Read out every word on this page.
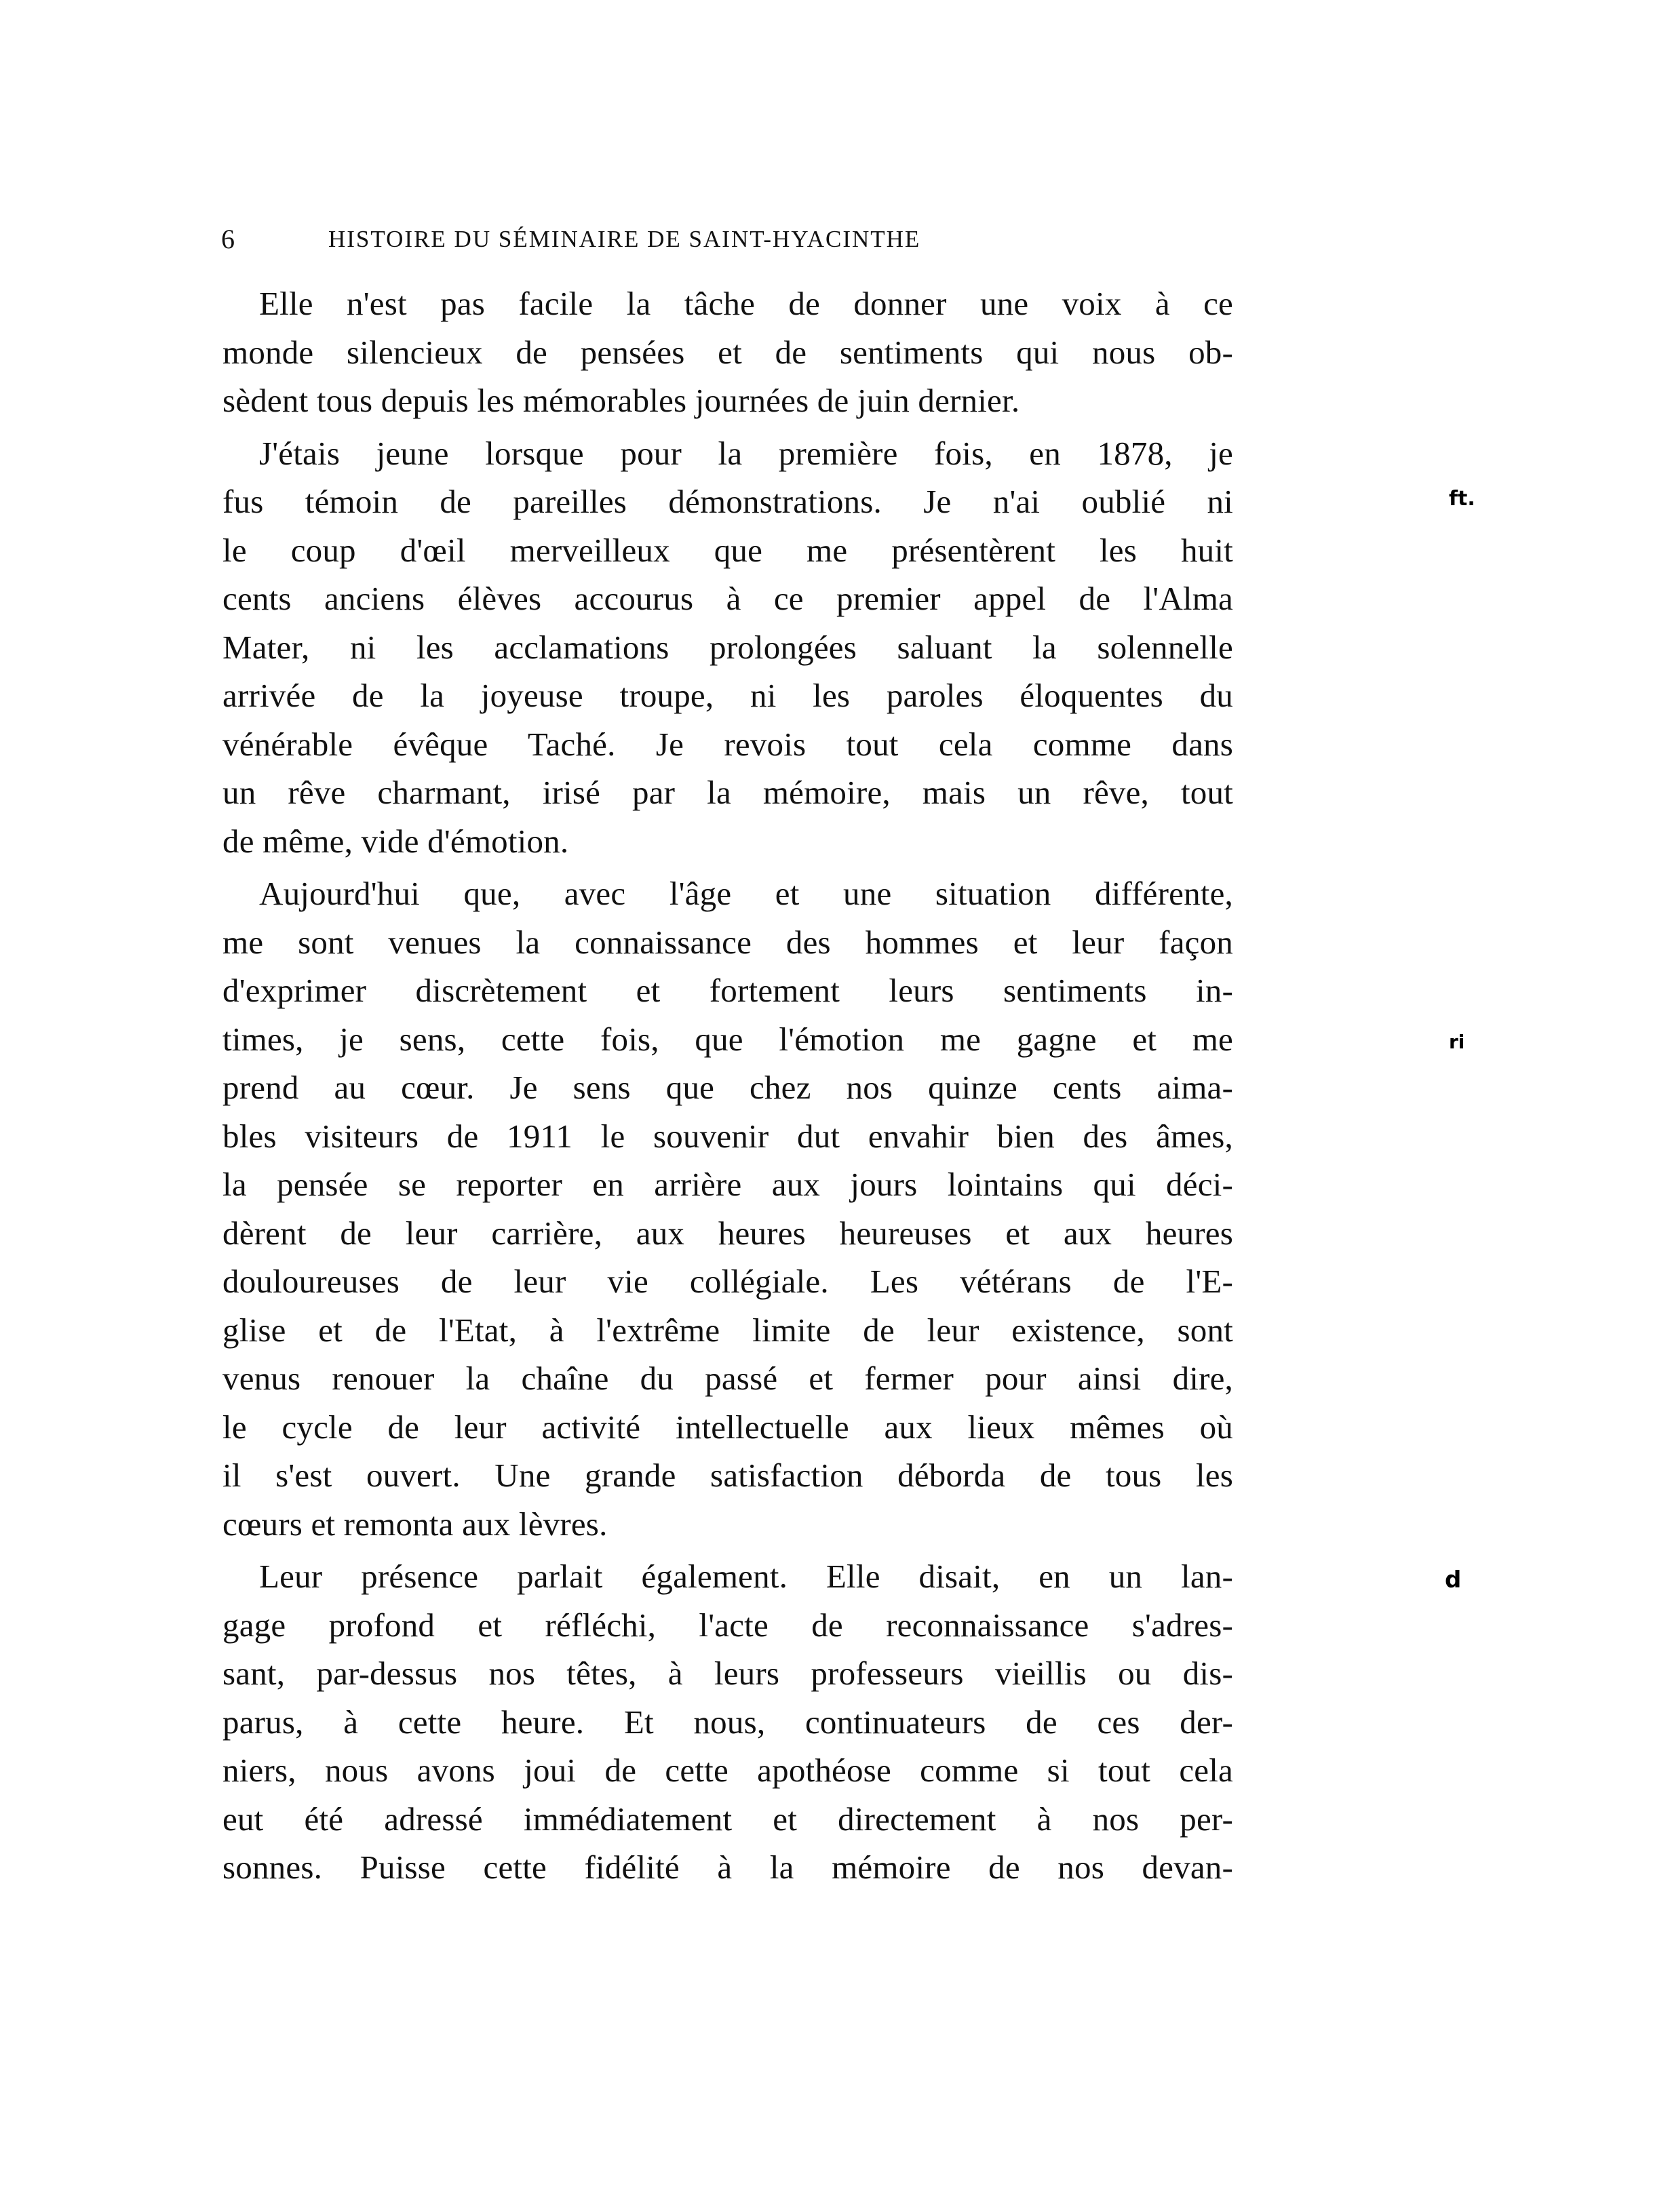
6	HISTOIRE DU SÉMINAIRE DE SAINT-HYACINTHE
Elle n'est pas facile la tâche de donner une voix à ce
monde silencieux de pensées et de sentiments qui nous ob-
sèdent tous depuis les mémorables journées de juin dernier.
J'étais jeune lorsque pour la première fois, en 1878, je
fus témoin de pareilles démonstrations. Je n'ai oublié ni
le coup d'œil merveilleux que me présentèrent les huit
cents anciens élèves accourus à ce premier appel de l'Alma
Mater, ni les acclamations prolongées saluant la solennelle
arrivée de la joyeuse troupe, ni les paroles éloquentes du
vénérable évêque Taché. Je revois tout cela comme dans
un rêve charmant, irisé par la mémoire, mais un rêve, tout
de même, vide d'émotion.
Aujourd'hui que, avec l'âge et une situation différente,
me sont venues la connaissance des hommes et leur façon
d'exprimer discrètement et fortement leurs sentiments in-
times, je sens, cette fois, que l'émotion me gagne et me
prend au cœur. Je sens que chez nos quinze cents aima-
bles visiteurs de 1911 le souvenir dut envahir bien des âmes,
la pensée se reporter en arrière aux jours lointains qui déci-
dèrent de leur carrière, aux heures heureuses et aux heures
douloureuses de leur vie collégiale. Les vétérans de l'E-
glise et de l'Etat, à l'extrême limite de leur existence, sont
venus renouer la chaîne du passé et fermer pour ainsi dire,
le cycle de leur activité intellectuelle aux lieux mêmes où
il s'est ouvert. Une grande satisfaction déborda de tous les
cœurs et remonta aux lèvres.
Leur présence parlait également. Elle disait, en un lan-
gage profond et réfléchi, l'acte de reconnaissance s'adres-
sant, par-dessus nos têtes, à leurs professeurs vieillis ou dis-
parus, à cette heure. Et nous, continuateurs de ces der-
niers, nous avons joui de cette apothéose comme si tout cela
eut été adressé immédiatement et directement à nos per-
sonnes. Puisse cette fidélité à la mémoire de nos devan-
ft.
ri
d
